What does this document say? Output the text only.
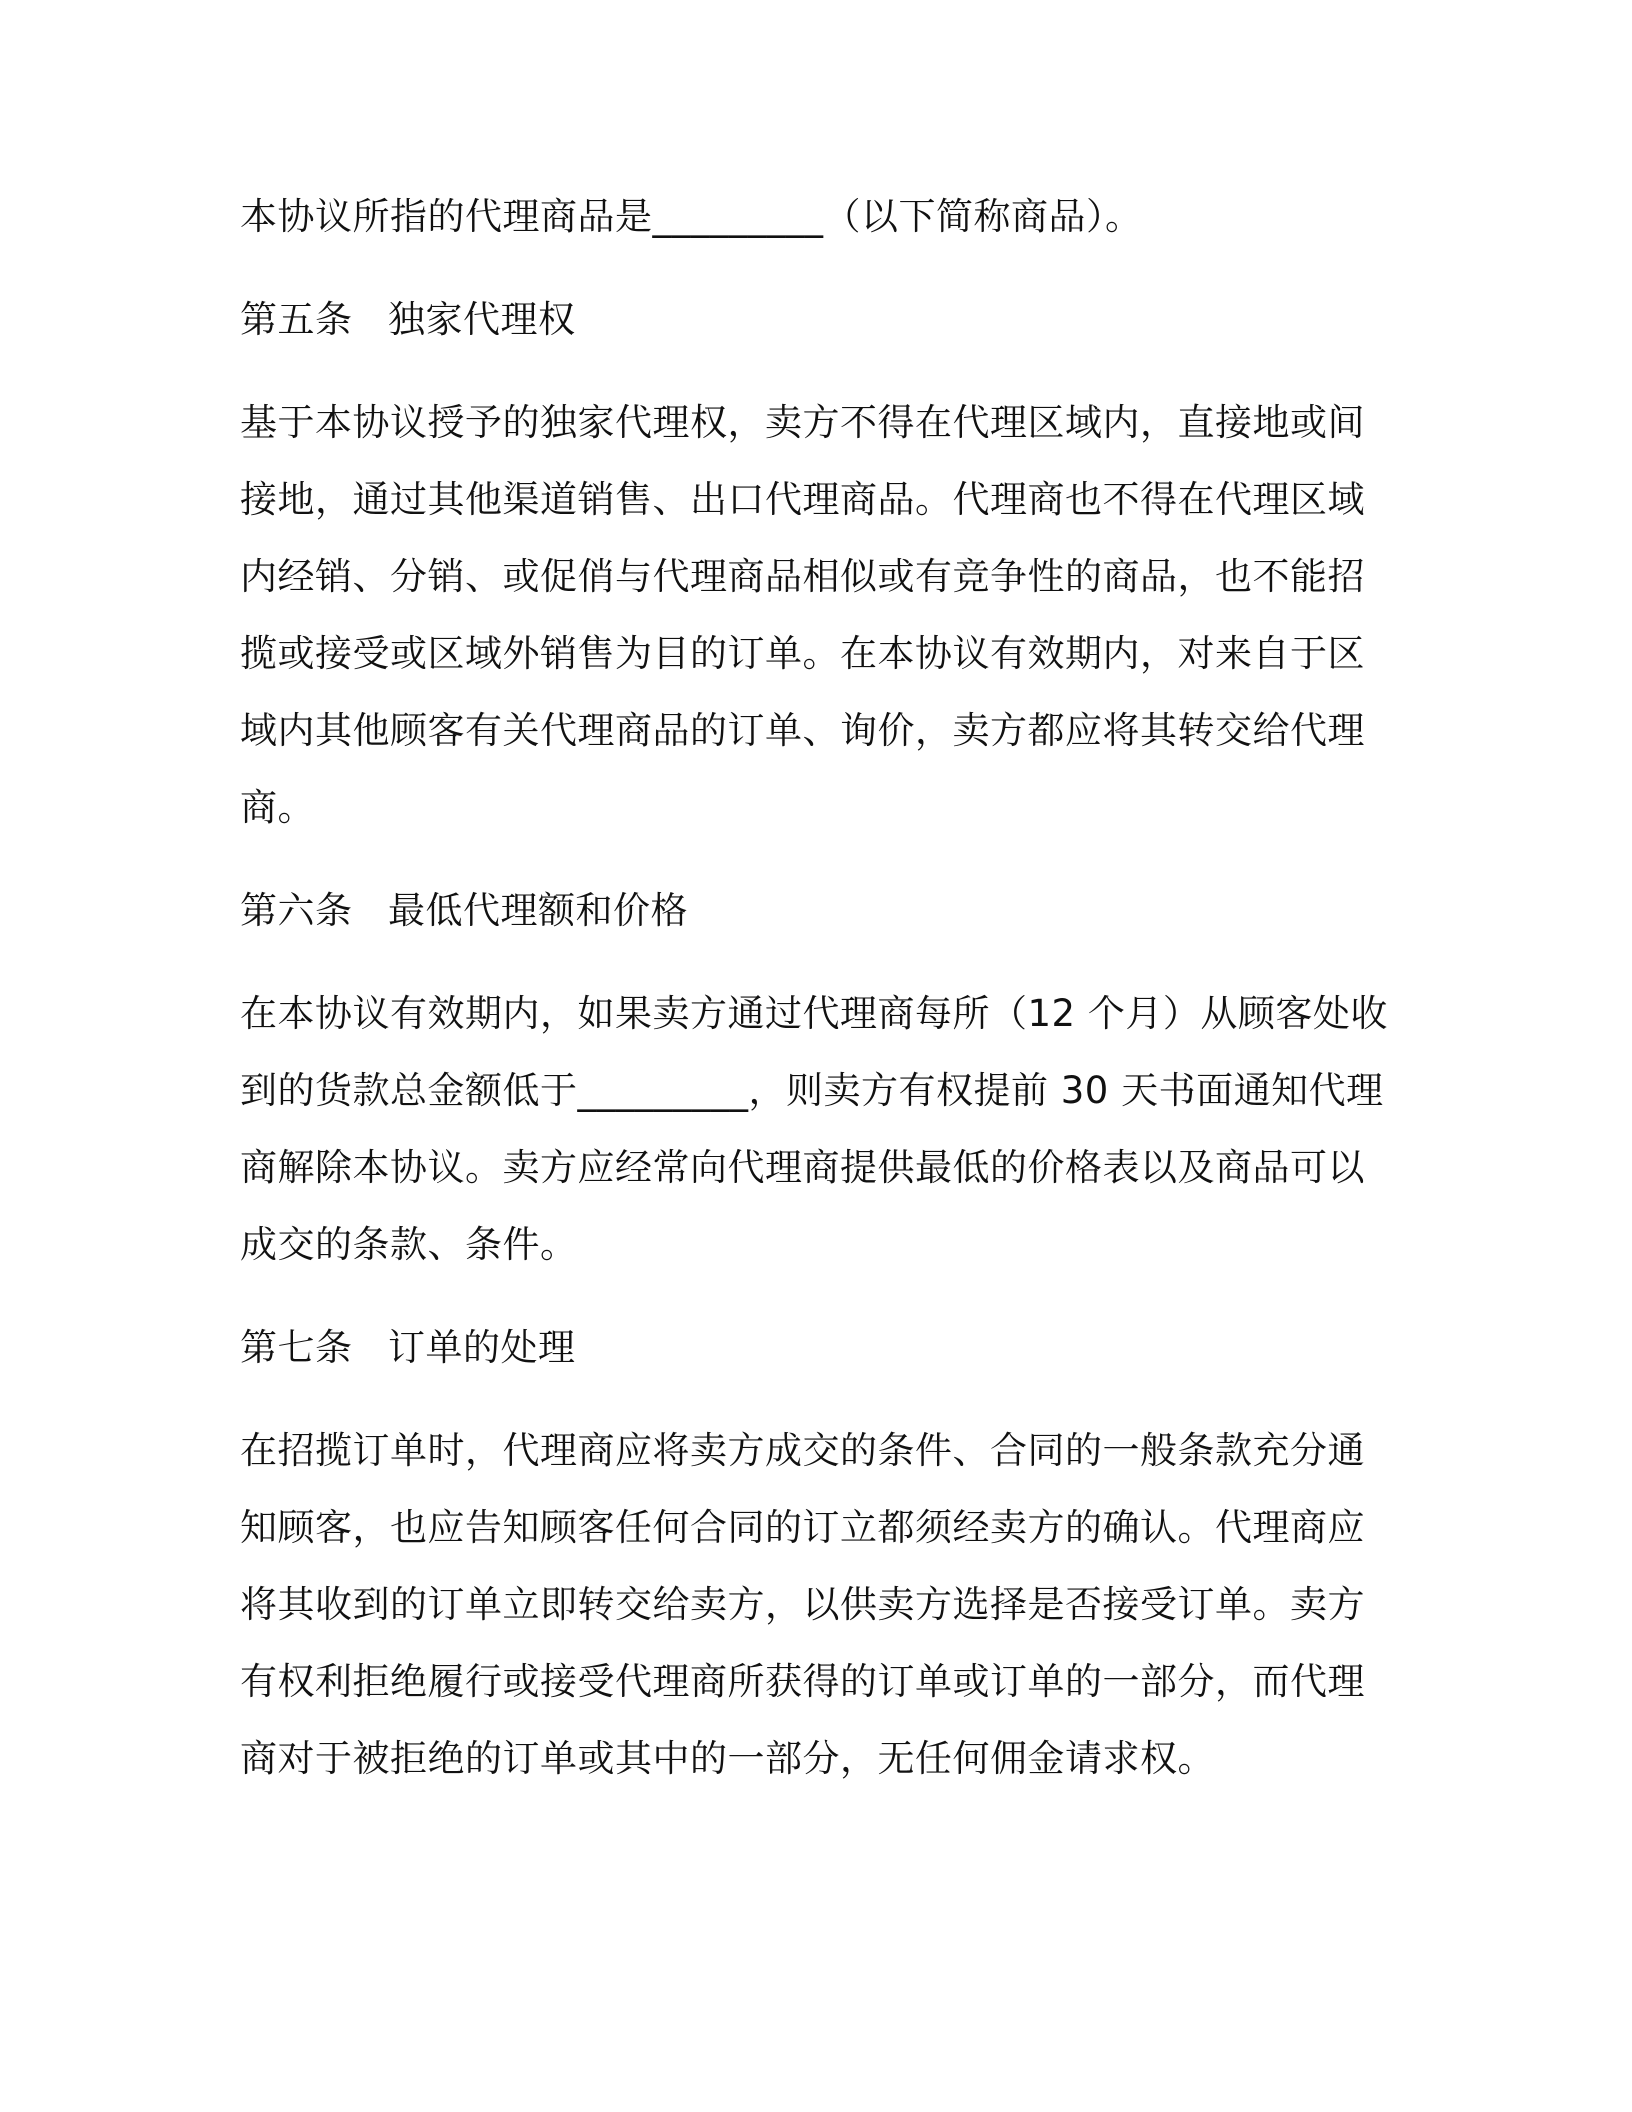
本协议所指的代理商品是_________（以下简称商品）。

第五条 独家代理权

基于本协议授予的独家代理权，卖方不得在代理区域内，直接地或间

接地，通过其他渠道销售、出口代理商品。代理商也不得在代理区域

内经销、分销、或促俏与代理商品相似或有竞争性的商品，也不能招

揽或接受或区域外销售为目的订单。在本协议有效期内，对来自于区

域内其他顾客有关代理商品的订单、询价，卖方都应将其转交给代理

商。

第六条 最低代理额和价格

在本协议有效期内，如果卖方通过代理商每所（12 个月）从顾客处收

到的货款总金额低于_________，则卖方有权提前 30 天书面通知代理

商解除本协议。卖方应经常向代理商提供最低的价格表以及商品可以

成交的条款、条件。

第七条 订单的处理

在招揽订单时，代理商应将卖方成交的条件、合同的一般条款充分通

知顾客，也应告知顾客任何合同的订立都须经卖方的确认。代理商应

将其收到的订单立即转交给卖方，以供卖方选择是否接受订单。卖方

有权利拒绝履行或接受代理商所获得的订单或订单的一部分，而代理

商对于被拒绝的订单或其中的一部分，无任何佣金请求权。
